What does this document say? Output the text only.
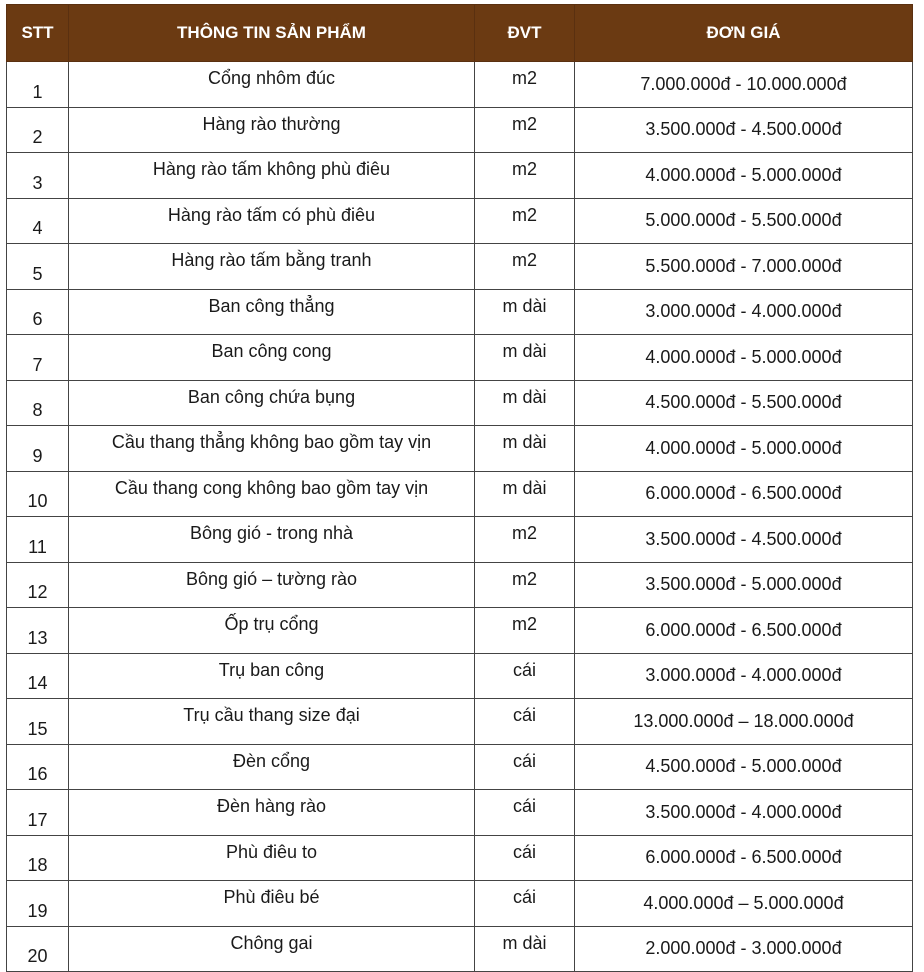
STT	THÔNG TIN SẢN PHẨM	ĐVT	ĐƠN GIÁ
1	Cổng nhôm đúc	m2	7.000.000đ - 10.000.000đ
2	Hàng rào thường	m2	3.500.000đ - 4.500.000đ
3	Hàng rào tấm không phù điêu	m2	4.000.000đ - 5.000.000đ
4	Hàng rào tấm có phù điêu	m2	5.000.000đ - 5.500.000đ
5	Hàng rào tấm bằng tranh	m2	5.500.000đ - 7.000.000đ
6	Ban công thẳng	m dài	3.000.000đ - 4.000.000đ
7	Ban công cong	m dài	4.000.000đ - 5.000.000đ
8	Ban công chứa bụng	m dài	4.500.000đ - 5.500.000đ
9	Cầu thang thẳng không bao gồm tay vịn	m dài	4.000.000đ - 5.000.000đ
10	Cầu thang cong không bao gồm tay vịn	m dài	6.000.000đ - 6.500.000đ
11	Bông gió - trong nhà	m2	3.500.000đ - 4.500.000đ
12	Bông gió – tường rào	m2	3.500.000đ - 5.000.000đ
13	Ốp trụ cổng	m2	6.000.000đ - 6.500.000đ
14	Trụ ban công	cái	3.000.000đ - 4.000.000đ
15	Trụ cầu thang size đại	cái	13.000.000đ – 18.000.000đ
16	Đèn cổng	cái	4.500.000đ - 5.000.000đ
17	Đèn hàng rào	cái	3.500.000đ - 4.000.000đ
18	Phù điêu to	cái	6.000.000đ - 6.500.000đ
19	Phù điêu bé	cái	4.000.000đ – 5.000.000đ
20	Chông gai	m dài	2.000.000đ - 3.000.000đ
